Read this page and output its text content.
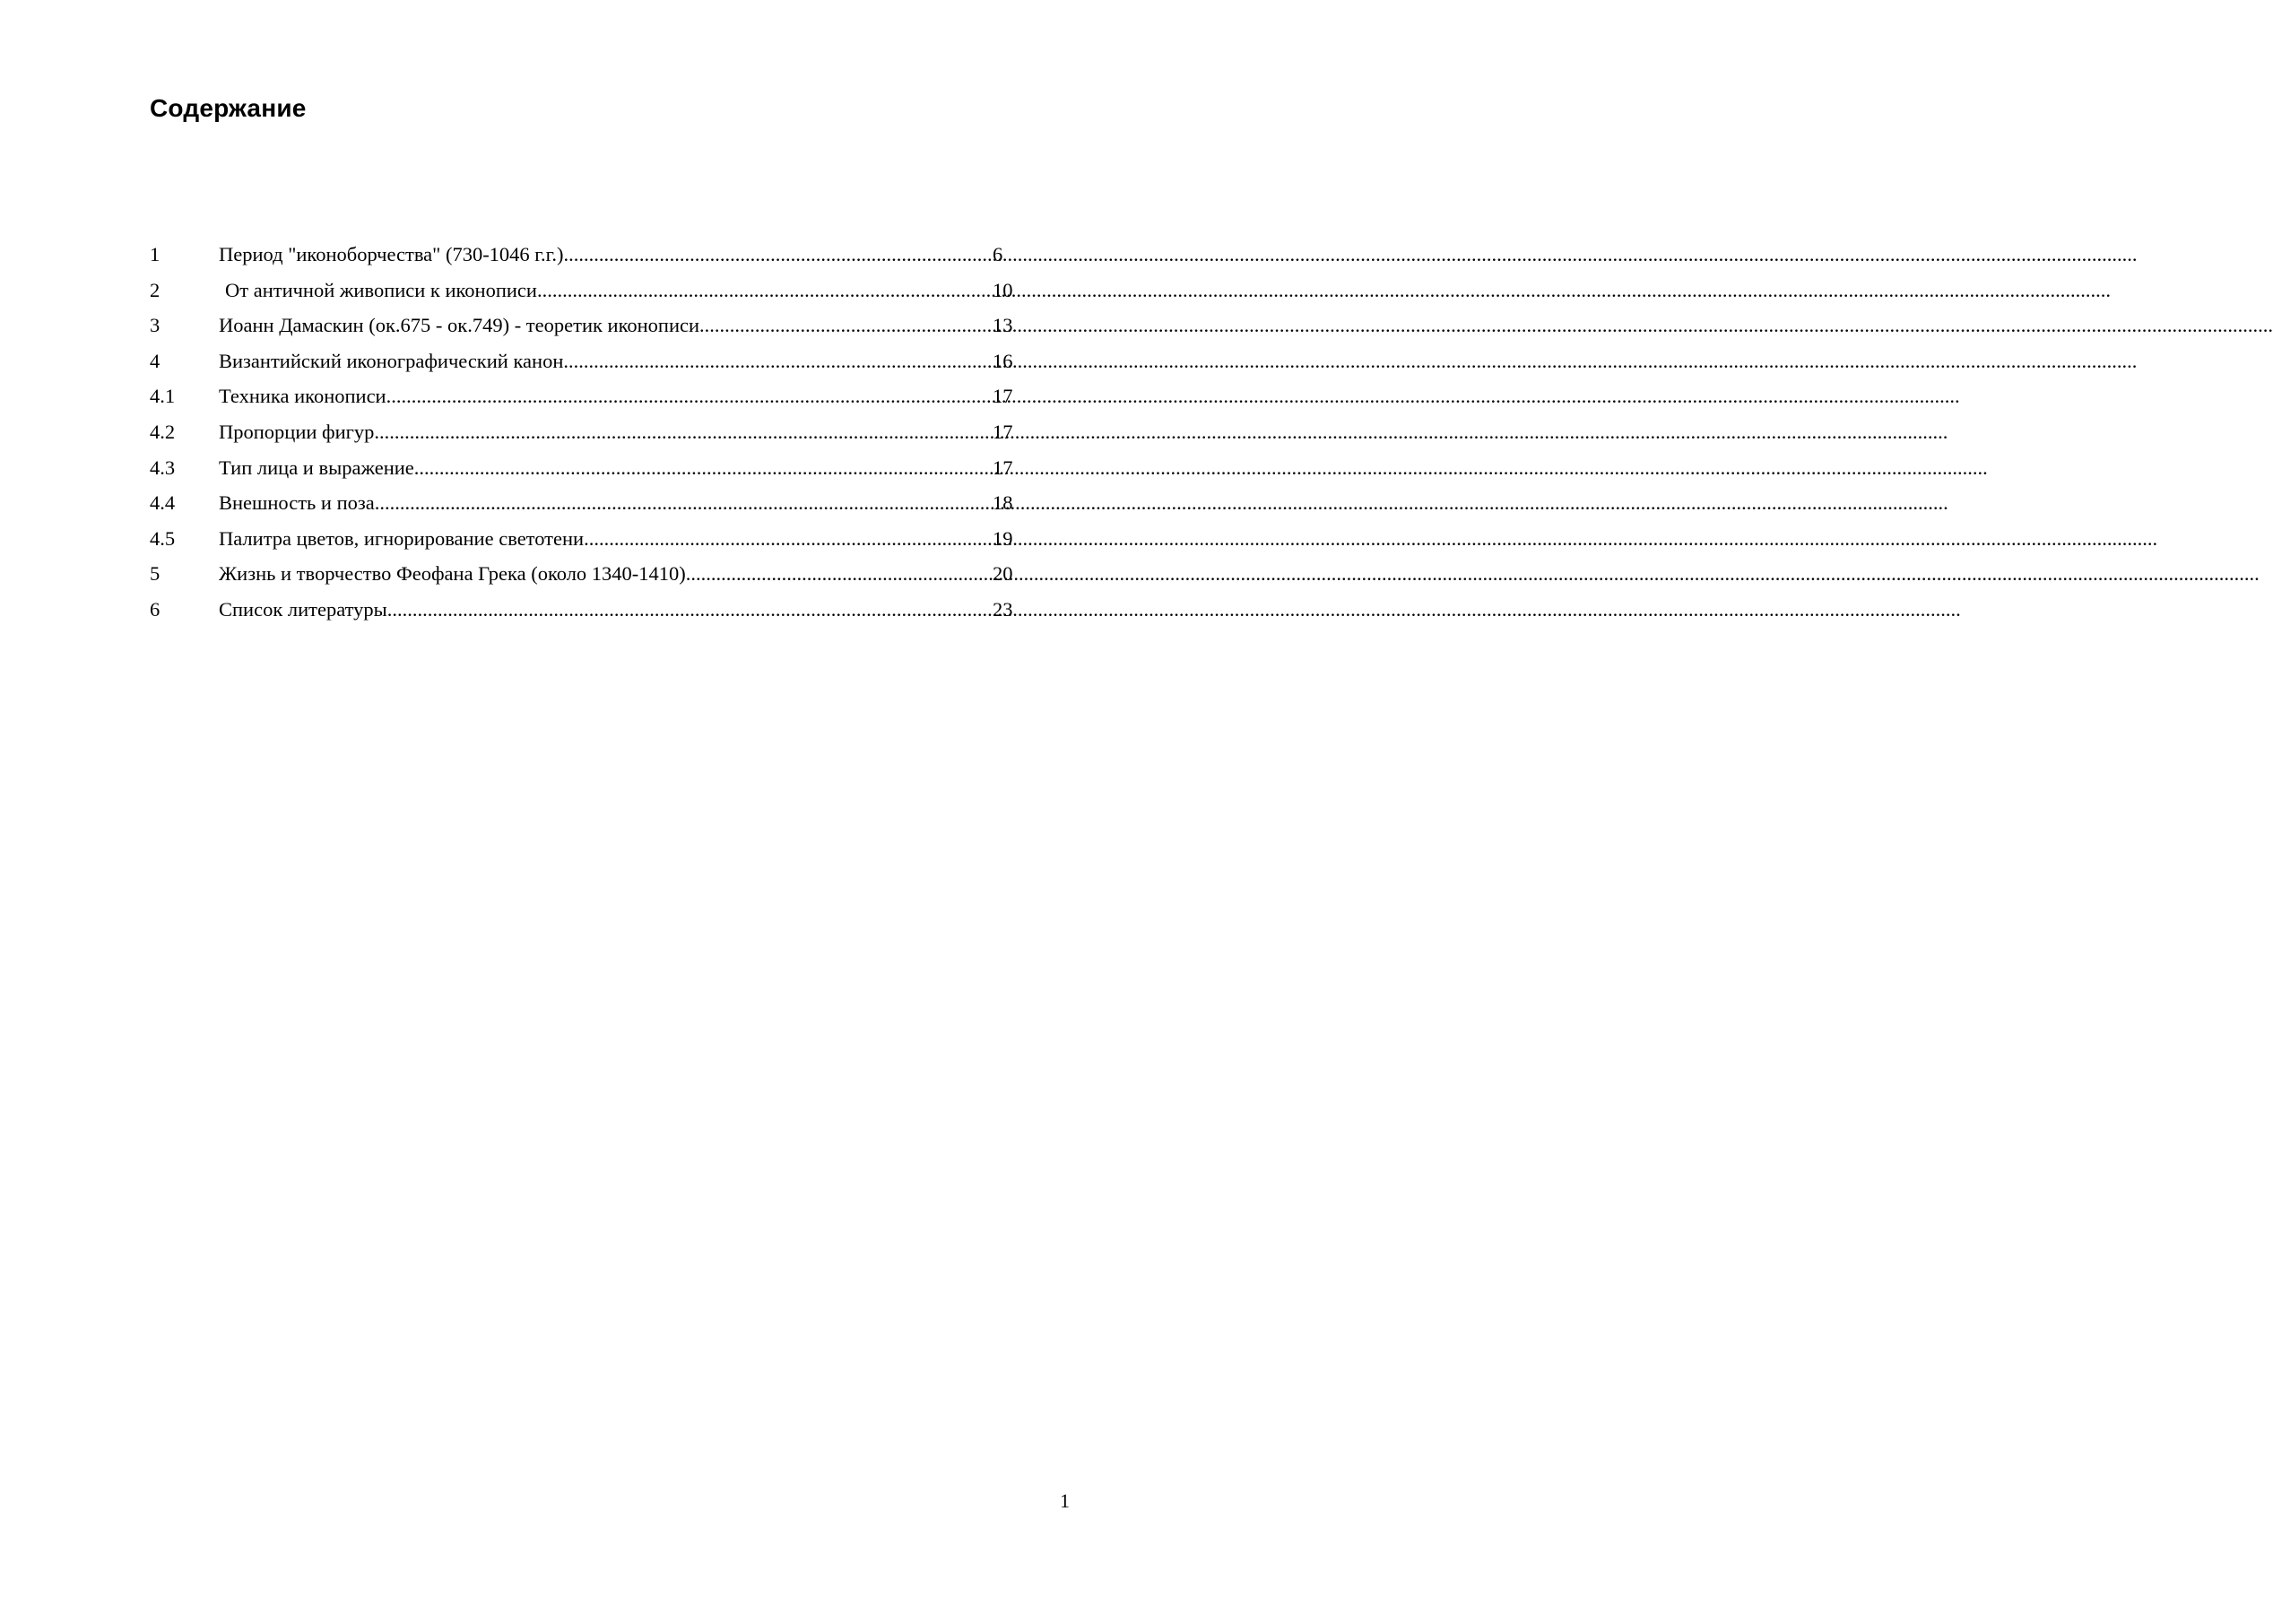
Содержание
1	Период "иконоборчества" (730-1046 г.г.) .....	6
2	От античной живописи к иконописи .....	10
3	Иоанн Дамаскин (ок.675 - ок.749) - теоретик иконописи .....	13
4	Византийский иконографический канон .....	16
4.1	Техника иконописи .....	17
4.2	Пропорции фигур .....	17
4.3	Тип лица и выражение .....	17
4.4	Внешность и поза .....	18
4.5	Палитра цветов, игнорирование светотени .....	19
5	Жизнь и творчество Феофана Грека (около 1340-1410) .....	20
6	Список литературы .....	23
1
